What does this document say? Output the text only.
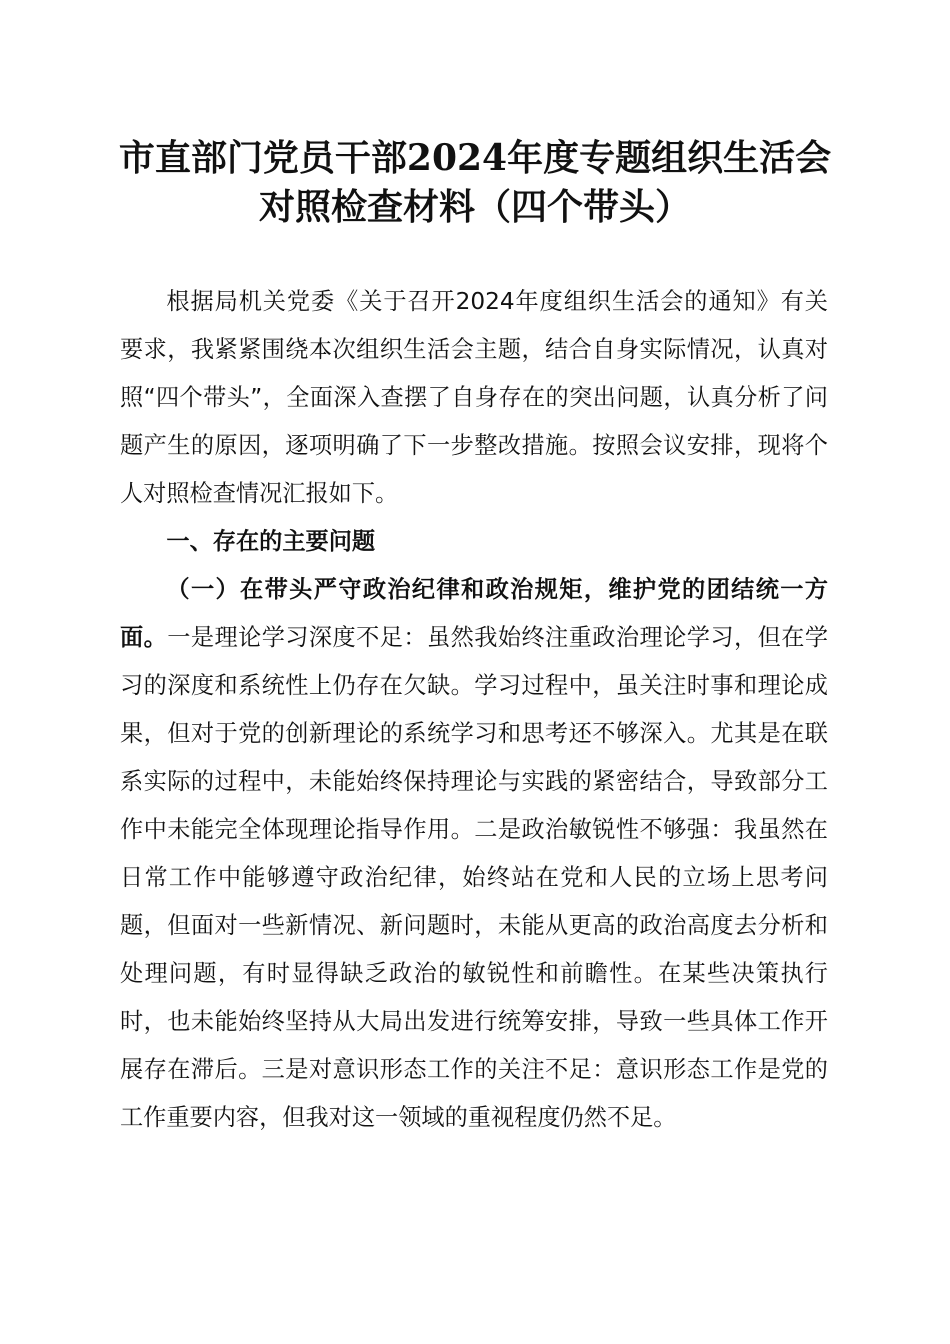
市直部门党员干部2024年度专题组织生活会
对照检查材料（四个带头）

根据局机关党委《关于召开2024年度组织生活会的通知》有关要求，我紧紧围绕本次组织生活会主题，结合自身实际情况，认真对照“四个带头”，全面深入查摆了自身存在的突出问题，认真分析了问题产生的原因，逐项明确了下一步整改措施。按照会议安排，现将个人对照检查情况汇报如下。

一、存在的主要问题

（一）在带头严守政治纪律和政治规矩，维护党的团结统一方面。一是理论学习深度不足：虽然我始终注重政治理论学习，但在学习的深度和系统性上仍存在欠缺。学习过程中，虽关注时事和理论成果，但对于党的创新理论的系统学习和思考还不够深入。尤其是在联系实际的过程中，未能始终保持理论与实践的紧密结合，导致部分工作中未能完全体现理论指导作用。二是政治敏锐性不够强：我虽然在日常工作中能够遵守政治纪律，始终站在党和人民的立场上思考问题，但面对一些新情况、新问题时，未能从更高的政治高度去分析和处理问题，有时显得缺乏政治的敏锐性和前瞻性。在某些决策执行时，也未能始终坚持从大局出发进行统筹安排，导致一些具体工作开展存在滞后。三是对意识形态工作的关注不足：意识形态工作是党的工作重要内容，但我对这一领域的重视程度仍然不足。
